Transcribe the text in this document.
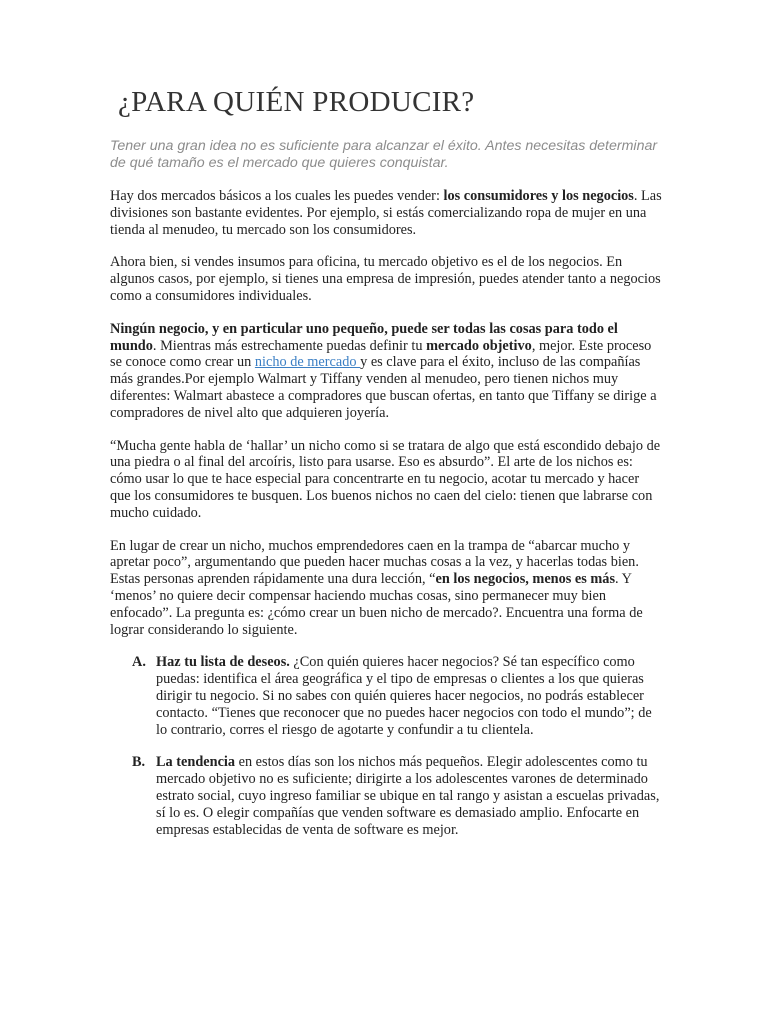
¿PARA QUIÉN PRODUCIR?
Tener una gran idea no es suficiente para alcanzar el éxito. Antes necesitas determinar de qué tamaño es el mercado que quieres conquistar.

Hay dos mercados básicos a los cuales les puedes vender: los consumidores y los negocios. Las divisiones son bastante evidentes. Por ejemplo, si estás comercializando ropa de mujer en una tienda al menudeo, tu mercado son los consumidores.

Ahora bien, si vendes insumos para oficina, tu mercado objetivo es el de los negocios. En algunos casos, por ejemplo, si tienes una empresa de impresión, puedes atender tanto a negocios como a consumidores individuales.

Ningún negocio, y en particular uno pequeño, puede ser todas las cosas para todo el mundo. Mientras más estrechamente puedas definir tu mercado objetivo, mejor. Este proceso se conoce como crear un nicho de mercado y es clave para el éxito, incluso de las compañías más grandes.Por ejemplo Walmart y Tiffany venden al menudeo, pero tienen nichos muy diferentes: Walmart abastece a compradores que buscan ofertas, en tanto que Tiffany se dirige a compradores de nivel alto que adquieren joyería.

“Mucha gente habla de ‘hallar’ un nicho como si se tratara de algo que está escondido debajo de una piedra o al final del arcoíris, listo para usarse. Eso es absurdo”. El arte de los nichos es: cómo usar lo que te hace especial para concentrarte en tu negocio, acotar tu mercado y hacer que los consumidores te busquen. Los buenos nichos no caen del cielo: tienen que labrarse con mucho cuidado.

En lugar de crear un nicho, muchos emprendedores caen en la trampa de “abarcar mucho y apretar poco”, argumentando que pueden hacer muchas cosas a la vez, y hacerlas todas bien. Estas personas aprenden rápidamente una dura lección, “en los negocios, menos es más. Y ‘menos’ no quiere decir compensar haciendo muchas cosas, sino permanecer muy bien enfocado”. La pregunta es: ¿cómo crear un buen nicho de mercado?. Encuentra una forma de lograr considerando lo siguiente.

A. Haz tu lista de deseos. ¿Con quién quieres hacer negocios? Sé tan específico como puedas: identifica el área geográfica y el tipo de empresas o clientes a los que quieras dirigir tu negocio. Si no sabes con quién quieres hacer negocios, no podrás establecer contacto. “Tienes que reconocer que no puedes hacer negocios con todo el mundo”; de lo contrario, corres el riesgo de agotarte y confundir a tu clientela.
B. La tendencia en estos días son los nichos más pequeños. Elegir adolescentes como tu mercado objetivo no es suficiente; dirigirte a los adolescentes varones de determinado estrato social, cuyo ingreso familiar se ubique en tal rango y asistan a escuelas privadas, sí lo es. O elegir compañías que venden software es demasiado amplio. Enfocarte en empresas establecidas de venta de software es mejor.
